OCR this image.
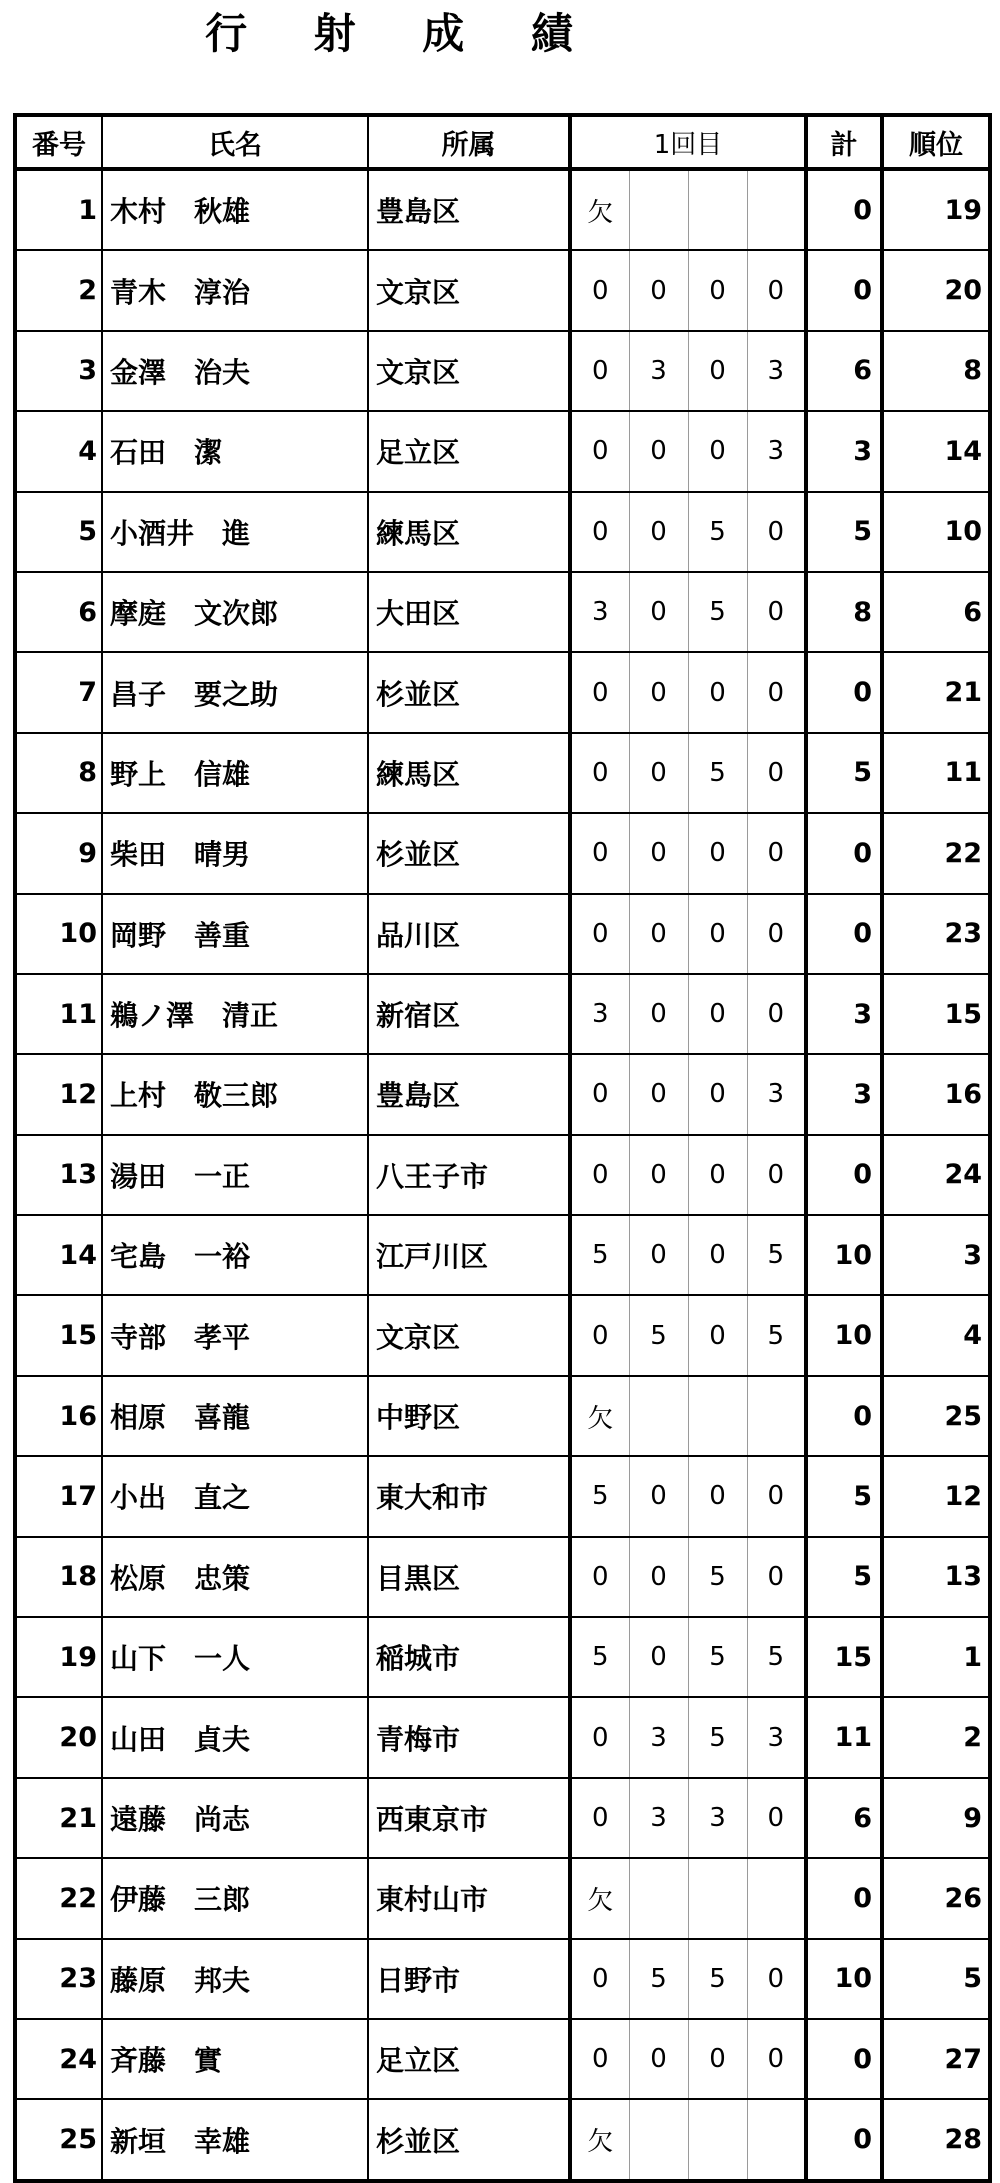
行 射 成 績
番号	氏名	所属	1回目				計	順位
1	木村　秋雄	豊島区	欠				0	19
2	青木　淳治	文京区	0	0	0	0	0	20
3	金澤　治夫	文京区	0	3	0	3	6	8
4	石田　潔	足立区	0	0	0	3	3	14
5	小酒井　進	練馬区	0	0	5	0	5	10
6	摩庭　文次郎	大田区	3	0	5	0	8	6
7	昌子　要之助	杉並区	0	0	0	0	0	21
8	野上　信雄	練馬区	0	0	5	0	5	11
9	柴田　晴男	杉並区	0	0	0	0	0	22
10	岡野　善重	品川区	0	0	0	0	0	23
11	鵜ノ澤　清正	新宿区	3	0	0	0	3	15
12	上村　敬三郎	豊島区	0	0	0	3	3	16
13	湯田　一正	八王子市	0	0	0	0	0	24
14	宅島　一裕	江戸川区	5	0	0	5	10	3
15	寺部　孝平	文京区	0	5	0	5	10	4
16	相原　喜龍	中野区	欠				0	25
17	小出　直之	東大和市	5	0	0	0	5	12
18	松原　忠策	目黒区	0	0	5	0	5	13
19	山下　一人	稲城市	5	0	5	5	15	1
20	山田　貞夫	青梅市	0	3	5	3	11	2
21	遠藤　尚志	西東京市	0	3	3	0	6	9
22	伊藤　三郎	東村山市	欠				0	26
23	藤原　邦夫	日野市	0	5	5	0	10	5
24	斉藤　實	足立区	0	0	0	0	0	27
25	新垣　幸雄	杉並区	欠				0	28
